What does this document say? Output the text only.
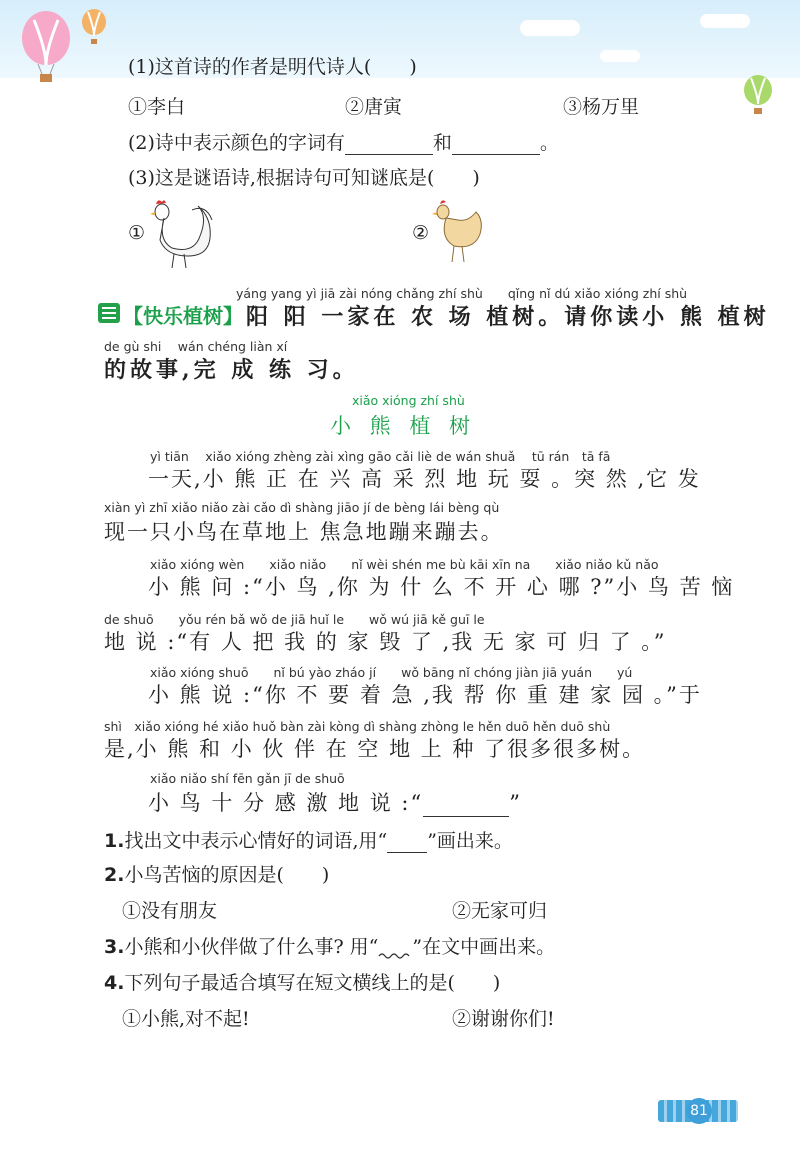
(1)这首诗的作者是明代诗人(　　)
①李白	②唐寅	③杨万里
(2)诗中表示颜色的字词有	和	。
(3)这是谜语诗,根据诗句可知谜底是(　　)
①	②
yáng yang yì jiā zài nóng chǎng zhí shù　　qǐng nǐ dú xiǎo xióng zhí shù
【快乐植树】 阳 阳 一家在 农 场 植树。请你读小 熊 植树
de gù shi　 wán chéng liàn xí
的故事,完 成 练 习。
xiǎo xióng zhí shù
小 熊 植 树
yì tiān　 xiǎo xióng zhèng zài xìng gāo cǎi liè de wán shuǎ　 tū rán　tā fā
一天,小 熊 正 在 兴 高 采 烈 地 玩 耍 。突 然 ,它 发
xiàn yì zhī xiǎo niǎo zài cǎo dì shàng jiāo jí de bèng lái bèng qù
现一只小鸟在草地上 焦急地蹦来蹦去。
xiǎo xióng wèn　　xiǎo niǎo　　nǐ wèi shén me bù kāi xīn na　　xiǎo niǎo kǔ nǎo
小 熊 问 :“小 鸟 ,你 为 什 么 不 开 心 哪 ?”小 鸟 苦 恼
de shuō　　yǒu rén bǎ wǒ de jiā huǐ le　　wǒ wú jiā kě guī le
地 说 :“有 人 把 我 的 家 毁 了 ,我 无 家 可 归 了 。”
xiǎo xióng shuō　　nǐ bú yào zháo jí　　wǒ bāng nǐ chóng jiàn jiā yuán　　yú
小 熊 说 :“你 不 要 着 急 ,我 帮 你 重 建 家 园 。”于
shì　xiǎo xióng hé xiǎo huǒ bàn zài kòng dì shàng zhòng le hěn duō hěn duō shù
是,小 熊 和 小 伙 伴 在 空 地 上 种 了很多很多树。
xiǎo niǎo shí fēn gǎn jī de shuō
小 鸟 十 分 感 激 地 说 :“	”
1.找出文中表示心情好的词语,用“ ”画出来。
2.小鸟苦恼的原因是(　　)
①没有朋友	②无家可归
3.小熊和小伙伴做了什么事? 用“ ”在文中画出来。
4.下列句子最适合填写在短文横线上的是(　　)
①小熊,对不起!	②谢谢你们!
81
